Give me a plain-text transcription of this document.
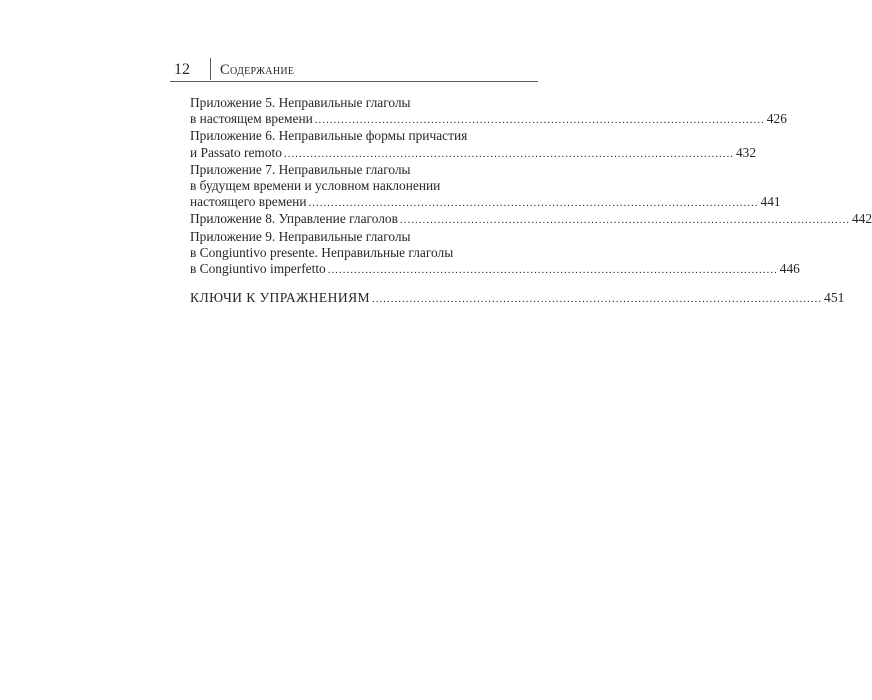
12 Содержание
Приложение 5. Неправильные глаголы
в настоящем времени ........................................................................................................................ 426
Приложение 6. Неправильные формы причастия
и Passato remoto ........................................................................................................................ 432
Приложение 7. Неправильные глаголы
в будущем времени и условном наклонении
настоящего времени ........................................................................................................................ 441
Приложение 8. Управление глаголов ........................................................................................................................ 442
Приложение 9. Неправильные глаголы
в Congiuntivo presente. Неправильные глаголы
в Congiuntivo imperfetto ........................................................................................................................ 446
КЛЮЧИ К УПРАЖНЕНИЯМ ........................................................................................................................ 451
